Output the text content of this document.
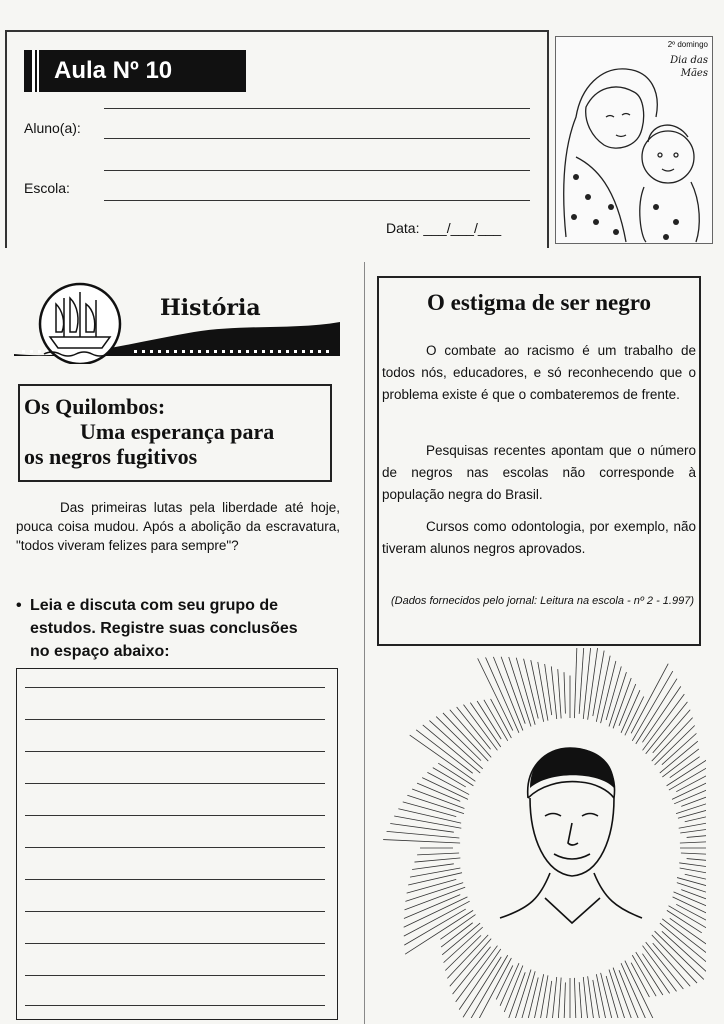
Aula Nº 10
Aluno(a):
Escola:
Data: ___/___/___
2º domingo
Dia das Mães
História
Os Quilombos:
Uma esperança para
os negros fugitivos

Das primeiras lutas pela liberdade até hoje, pouca coisa mudou. Após a abolição da escravatura, "todos viveram felizes para sempre"?

• Leia e discuta com seu grupo de
estudos. Registre suas conclusões
no espaço abaixo:
O estigma de ser negro

O combate ao racismo é um trabalho de todos nós, educadores, e só reconhecendo que o problema existe é que o combateremos de frente.

Pesquisas recentes apontam que o número de negros nas escolas não corresponde à população negra do Brasil.

Cursos como odontologia, por exemplo, não tiveram alunos negros aprovados.

(Dados fornecidos pelo jornal: Leitura na escola - nº 2 - 1.997)
